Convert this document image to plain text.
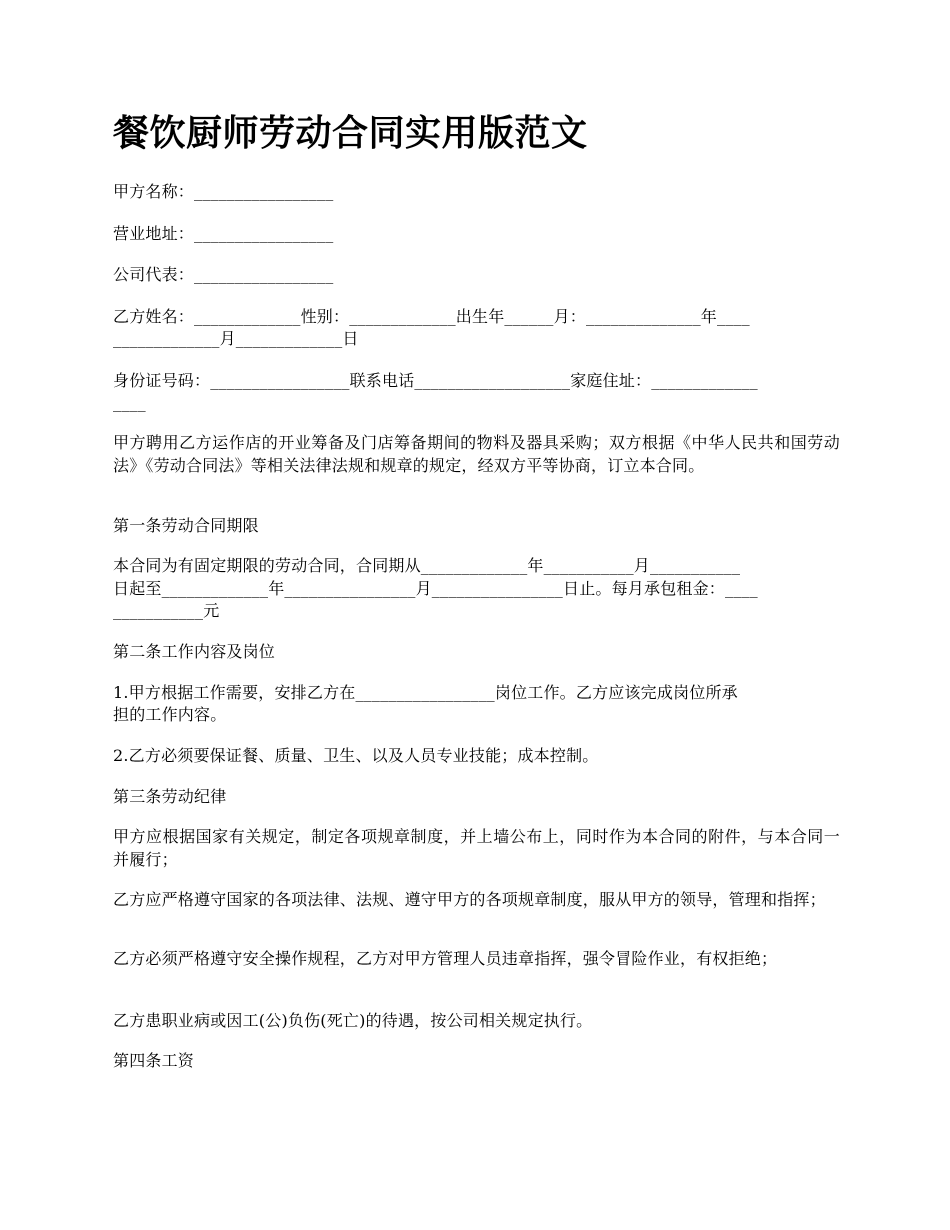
餐饮厨师劳动合同实用版范文

甲方名称：_________________

营业地址：_________________

公司代表：_________________

乙方姓名：_____________性别：_____________出生年______月：______________年____

_____________月_____________日

身份证号码：_________________联系电话___________________家庭住址：_____________

____

甲方聘用乙方运作店的开业筹备及门店筹备期间的物料及器具采购；双方根据《中华人民共和国劳动法》《劳动合同法》等相关法律法规和规章的规定，经双方平等协商，订立本合同。

第一条劳动合同期限

本合同为有固定期限的劳动合同，合同期从_____________年___________月___________

日起至_____________年________________月________________日止。每月承包租金：____

___________元

第二条工作内容及岗位

1.甲方根据工作需要，安排乙方在_________________岗位工作。乙方应该完成岗位所承

担的工作内容。

2.乙方必须要保证餐、质量、卫生、以及人员专业技能；成本控制。

第三条劳动纪律

甲方应根据国家有关规定，制定各项规章制度，并上墙公布上，同时作为本合同的附件，与本合同一并履行；

乙方应严格遵守国家的各项法律、法规、遵守甲方的各项规章制度，服从甲方的领导，管理和指挥；

乙方必须严格遵守安全操作规程，乙方对甲方管理人员违章指挥，强令冒险作业，有权拒绝；

乙方患职业病或因工(公)负伤(死亡)的待遇，按公司相关规定执行。

第四条工资
